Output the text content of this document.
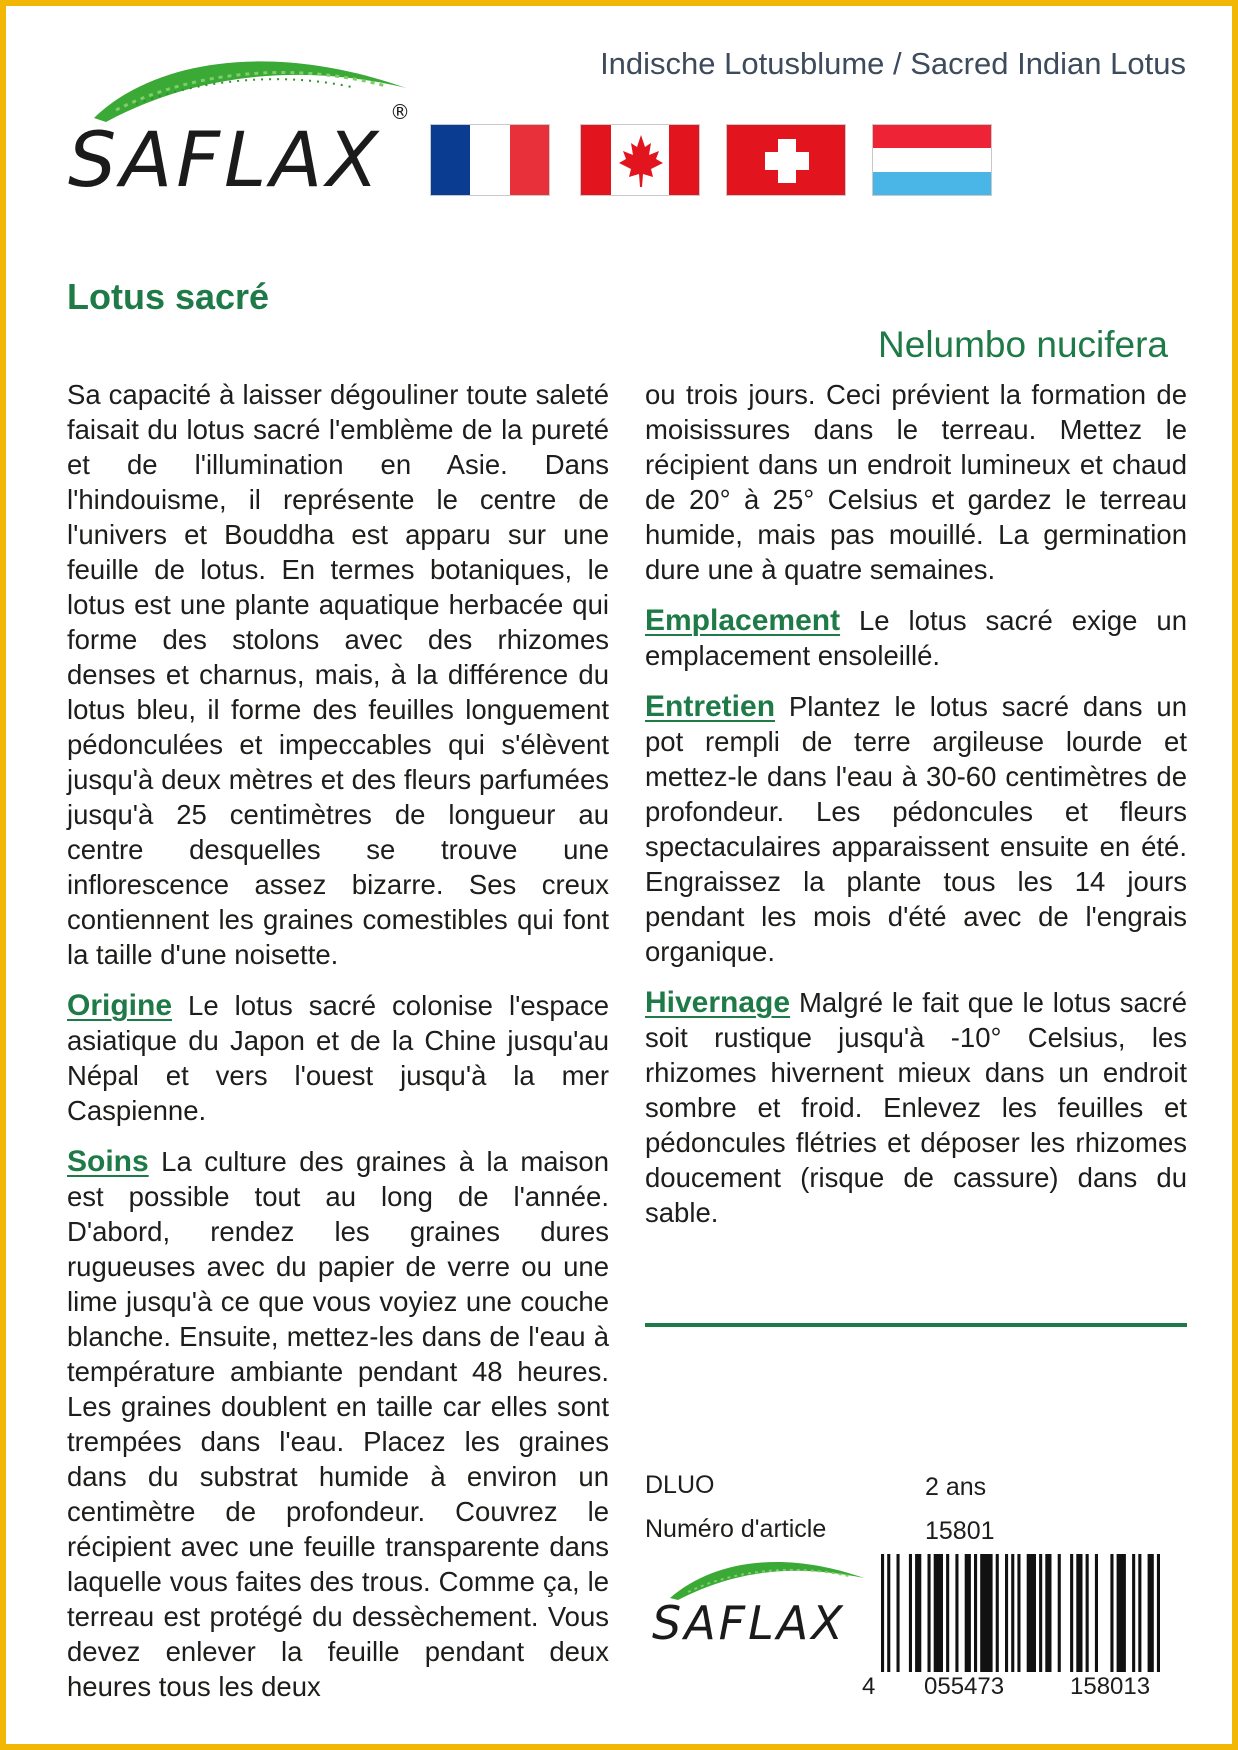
SAFLAX
®
Indische Lotusblume / Sacred Indian Lotus
Lotus sacré
Nelumbo nucifera

Sa capacité à laisser dégouliner toute saleté faisait du lotus sacré l'emblème de la pureté et de l'illumination en Asie. Dans l'hindouisme, il représente le centre de l'univers et Bouddha est apparu sur une feuille de lotus. En termes botaniques, le lotus est une plante aquatique herbacée qui forme des stolons avec des rhizomes denses et charnus, mais, à la différence du lotus bleu, il forme des feuilles longuement pédonculées et impeccables qui s'élèvent jusqu'à deux mètres et des fleurs parfumées jusqu'à 25 centimètres de longueur au centre desquelles se trouve une inflorescence assez bizarre. Ses creux contiennent les graines comestibles qui font la taille d'une noisette.

Origine Le lotus sacré colonise l'espace asiatique du Japon et de la Chine jusqu'au Népal et vers l'ouest jusqu'à la mer Caspienne.

Soins La culture des graines à la maison est possible tout au long de l'année. D'abord, rendez les graines dures rugueuses avec du papier de verre ou une lime jusqu'à ce que vous voyiez une couche blanche. Ensuite, mettez-les dans de l'eau à température ambiante pendant 48 heures. Les graines doublent en taille car elles sont trempées dans l'eau. Placez les graines dans du substrat humide à environ un centimètre de profondeur. Couvrez le récipient avec une feuille transparente dans laquelle vous faites des trous. Comme ça, le terreau est protégé du dessèchement. Vous devez enlever la feuille pendant deux heures tous les deux

ou trois jours. Ceci prévient la formation de moisissures dans le terreau. Mettez le récipient dans un endroit lumineux et chaud de 20° à 25° Celsius et gardez le terreau humide, mais pas mouillé. La germination dure une à quatre semaines.

Emplacement Le lotus sacré exige un emplacement ensoleillé.

Entretien Plantez le lotus sacré dans un pot rempli de terre argileuse lourde et mettez-le dans l'eau à 30-60 centimètres de profondeur. Les pédoncules et fleurs spectaculaires apparaissent ensuite en été. Engraissez la plante tous les 14 jours pendant les mois d'été avec de l'engrais organique.

Hivernage Malgré le fait que le lotus sacré soit rustique jusqu'à -10° Celsius, les rhizomes hivernent mieux dans un endroit sombre et froid. Enlevez les feuilles et pédoncules flétries et déposer les rhizomes doucement (risque de cassure) dans du sable.

DLUO	2 ans
Numéro d'article	15801
SAFLAX
4 055473	158013
